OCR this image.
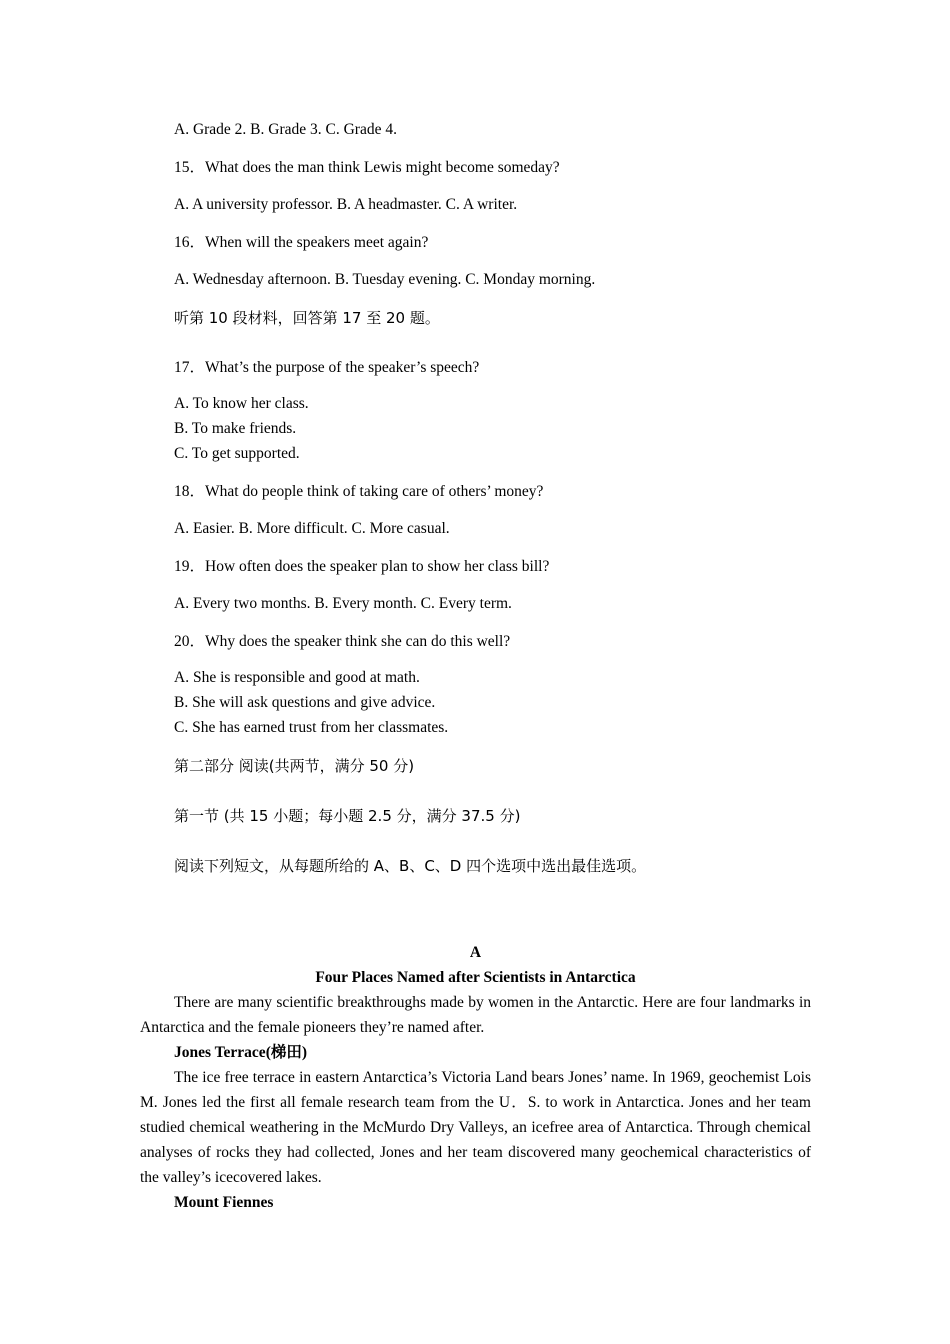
A. Grade 2. B. Grade 3. C. Grade 4.
15．What does the man think Lewis might become someday?
A. A university professor. B. A headmaster. C. A writer.
16．When will the speakers meet again?
A. Wednesday afternoon. B. Tuesday evening. C. Monday morning.
听第 10 段材料，回答第 17 至 20 题。
17．What’s the purpose of the speaker’s speech?
A. To know her class.
B. To make friends.
C. To get supported.
18．What do people think of taking care of others’ money?
A. Easier. B. More difficult. C. More casual.
19．How often does the speaker plan to show her class bill?
A. Every two months. B. Every month. C. Every term.
20．Why does the speaker think she can do this well?
A. She is responsible and good at math.
B. She will ask questions and give advice.
C. She has earned trust from her classmates.
第二部分 阅读(共两节，满分 50 分)
第一节 (共 15 小题；每小题 2.5 分，满分 37.5 分)
阅读下列短文，从每题所给的 A、B、C、D 四个选项中选出最佳选项。
A
Four Places Named after Scientists in Antarctica
There are many scientific breakthroughs made by women in the Antarctic. Here are four landmarks in Antarctica and the female pioneers they’re named after.
Jones Terrace(梯田)
The ice free terrace in eastern Antarctica’s Victoria Land bears Jones’ name. In 1969, geochemist Lois M. Jones led the first all female research team from the U．S. to work in Antarctica. Jones and her team studied chemical weathering in the McMurdo Dry Valleys, an icefree area of Antarctica. Through chemical analyses of rocks they had collected, Jones and her team discovered many geochemical characteristics of the valley’s icecovered lakes.
Mount Fiennes
